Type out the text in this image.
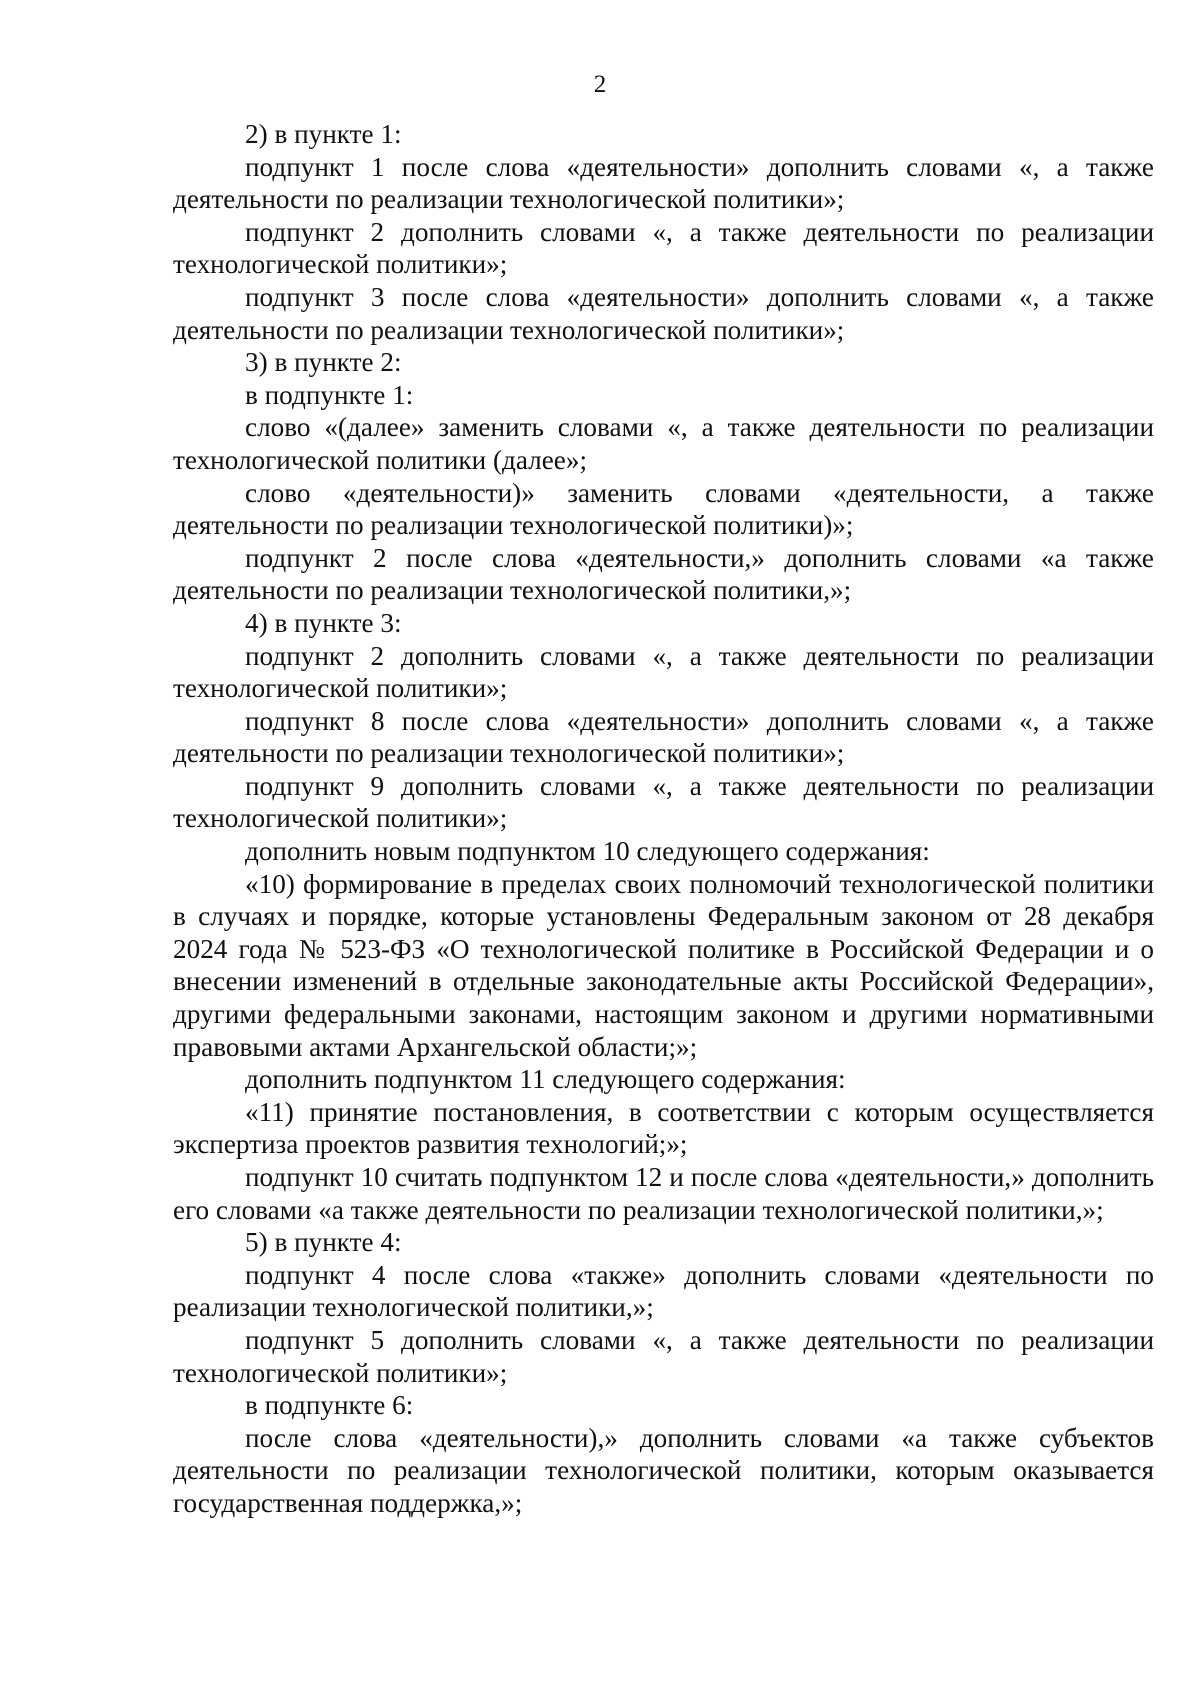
2

2) в пункте 1:

подпункт 1 после слова «деятельности» дополнить словами «, а также деятельности по реализации технологической политики»;

подпункт 2 дополнить словами «, а также деятельности по реализации технологической политики»;

подпункт 3 после слова «деятельности» дополнить словами «, а также деятельности по реализации технологической политики»;

3) в пункте 2:

в подпункте 1:

слово «(далее» заменить словами «, а также деятельности по реализации технологической политики (далее»;

слово «деятельности)» заменить словами «деятельности, а также деятельности по реализации технологической политики)»;

подпункт 2 после слова «деятельности,» дополнить словами «а также деятельности по реализации технологической политики,»;

4) в пункте 3:

подпункт 2 дополнить словами «, а также деятельности по реализации технологической политики»;

подпункт 8 после слова «деятельности» дополнить словами «, а также деятельности по реализации технологической политики»;

подпункт 9 дополнить словами «, а также деятельности по реализации технологической политики»;

дополнить новым подпунктом 10 следующего содержания:

«10) формирование в пределах своих полномочий технологической политики в случаях и порядке, которые установлены Федеральным законом от 28 декабря 2024 года № 523-ФЗ «О технологической политике в Российской Федерации и о внесении изменений в отдельные законодательные акты Российской Федерации», другими федеральными законами, настоящим законом и другими нормативными правовыми актами Архангельской области;»;

дополнить подпунктом 11 следующего содержания:

«11) принятие постановления, в соответствии с которым осуществляется экспертиза проектов развития технологий;»;

подпункт 10 считать подпунктом 12 и после слова «деятельности,» дополнить его словами «а также деятельности по реализации технологической политики,»;

5) в пункте 4:

подпункт 4 после слова «также» дополнить словами «деятельности по реализации технологической политики,»;

подпункт 5 дополнить словами «, а также деятельности по реализации технологической политики»;

в подпункте 6:

после слова «деятельности),» дополнить словами «а также субъектов деятельности по реализации технологической политики, которым оказывается государственная поддержка,»;
